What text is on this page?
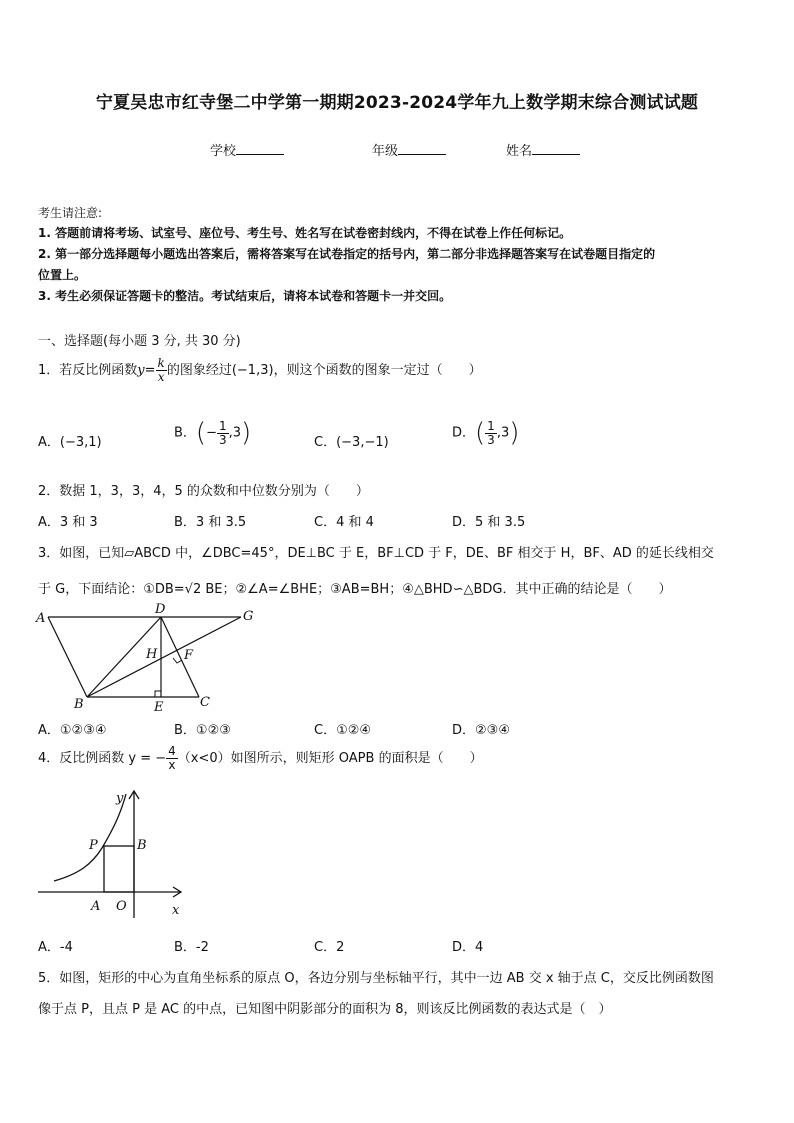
宁夏吴忠市红寺堡二中学第一期期2023-2024学年九上数学期末综合测试试题
学校	年级	姓名
考生请注意:
1. 答题前请将考场、试室号、座位号、考生号、姓名写在试卷密封线内，不得在试卷上作任何标记。
2. 第一部分选择题每小题选出答案后，需将答案写在试卷指定的括号内，第二部分非选择题答案写在试卷题目指定的
位置上。
3. 考生必须保证答题卡的整洁。考试结束后，请将本试卷和答题卡一并交回。
一、选择题(每小题 3 分, 共 30 分)
1．若反比例函数$y= \frac{k}{x}$ 的图象经过(−1,3)，则这个函数的图象一定过（　　）
A．(−3,1)
B．(− $\frac{1}{3} ,3$)	C．(−3,−1)
D．( $\frac{1}{3} ,3$)
2．数据 1，3，3，4，5 的众数和中位数分别为（　　）
A．3 和 3	B．3 和 3.5	C．4 和 4	D．5 和 3.5
3．如图，已知▱ABCD 中，∠DBC=45°，DE⊥BC 于 E，BF⊥CD 于 F，DE、BF 相交于 H，BF、AD 的延长线相交
于 G，下面结论：①DB=√2 BE；②∠A=∠BHE；③AB=BH；④△BHD∽△BDG．其中正确的结论是（　　）
A
D	G
H F
B	E	C
A．①②③④	B．①②③	C．①②④	D．②③④
4．反比例函数 y = − $\frac{4}{x} (x<0)$如图所示，则矩形 OAPB 的面积是（　　）
y
x
P	B
A O
A．-4	B．-2	C．2	D．4
5．如图，矩形的中心为直角坐标系的原点 O，各边分别与坐标轴平行，其中一边 AB 交 x 轴于点 C，交反比例函数图
像于点 P，且点 P 是 AC 的中点，已知图中阴影部分的面积为 8，则该反比例函数的表达式是（　）
